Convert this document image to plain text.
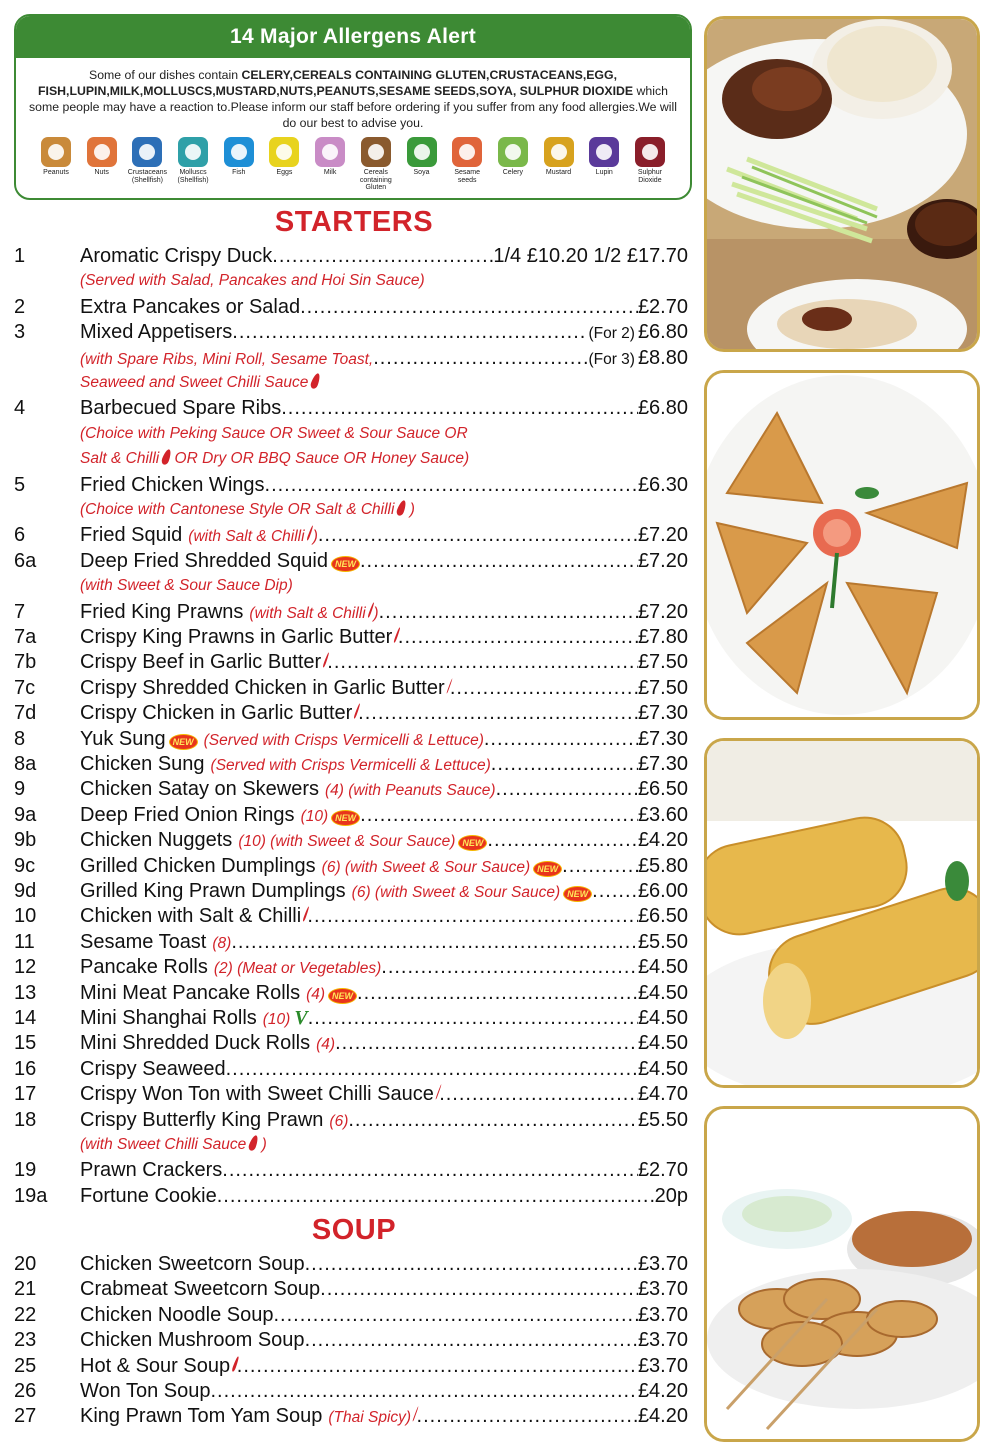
14 Major Allergens Alert
Some of our dishes contain CELERY,CEREALS CONTAINING GLUTEN,CRUSTACEANS,EGG, FISH,LUPIN,MILK,MOLLUSCS,MUSTARD,NUTS,PEANUTS,SESAME SEEDS,SOYA, SULPHUR DIOXIDE which some people may have a reaction to.Please inform our staff before ordering if you suffer from any food allergies.We will do our best to advise you.
Peanuts	Nuts	Crustaceans (Shellfish)
Molluscs (Shellfish)
Fish	Eggs	Milk	Cereals containing Gluten
Soya	Sesame seeds
Celery	Mustard	Lupin	Sulphur Dioxide
STARTERS
1	Aromatic Crispy Duck .....	1/4 £10.20 1/2 £17.70
(Served with Salad, Pancakes and Hoi Sin Sauce)
2	Extra Pancakes or Salad .....	£2.70
3	Mixed Appetisers .....	(For 2) £6.80
(with Spare Ribs, Mini Roll, Sesame Toast, .....	(For 3) £8.80
Seaweed and Sweet Chilli Sauce
4	Barbecued Spare Ribs .....	£6.80
(Choice with Peking Sauce OR Sweet & Sour Sauce OR
Salt & Chilli OR Dry OR BBQ Sauce OR Honey Sauce)
5	Fried Chicken Wings .....	£6.30
(Choice with Cantonese Style OR Salt & Chilli )
6	Fried Squid (with Salt & Chilli ) .....	£7.20
6a	Deep Fried Shredded Squid NEW .....	£7.20
(with Sweet & Sour Sauce Dip)
7	Fried King Prawns (with Salt & Chilli ) .....	£7.20
7a	Crispy King Prawns in Garlic Butter .....	£7.80
7b	Crispy Beef in Garlic Butter .....	£7.50
7c	Crispy Shredded Chicken in Garlic Butter .....	£7.50
7d	Crispy Chicken in Garlic Butter .....	£7.30
8	Yuk Sung NEW (Served with Crisps Vermicelli & Lettuce) .....	£7.30
8a	Chicken Sung (Served with Crisps Vermicelli & Lettuce) .....	£7.30
9	Chicken Satay on Skewers (4) (with Peanuts Sauce) .....	£6.50
9a	Deep Fried Onion Rings (10) NEW .....	£3.60
9b	Chicken Nuggets (10) (with Sweet & Sour Sauce) NEW .....	£4.20
9c	Grilled Chicken Dumplings (6) (with Sweet & Sour Sauce) NEW .....	£5.80
9d	Grilled King Prawn Dumplings (6) (with Sweet & Sour Sauce) NEW ..... £6.00
10	Chicken with Salt & Chilli .....	£6.50
11	Sesame Toast (8) .....	£5.50
12	Pancake Rolls (2) (Meat or Vegetables) .....	£4.50
13	Mini Meat Pancake Rolls (4) NEW .....	£4.50
14	Mini Shanghai Rolls (10) V .....	£4.50
15	Mini Shredded Duck Rolls (4) .....	£4.50
16	Crispy Seaweed .....	£4.50
17	Crispy Won Ton with Sweet Chilli Sauce .....	£4.70
18	Crispy Butterfly King Prawn (6) .....	£5.50
(with Sweet Chilli Sauce )
19	Prawn Crackers .....	£2.70
19a	Fortune Cookie .....	20p
SOUP
20	Chicken Sweetcorn Soup .....	£3.70
21	Crabmeat Sweetcorn Soup .....	£3.70
22	Chicken Noodle Soup .....	£3.70
23	Chicken Mushroom Soup .....	£3.70
25	Hot & Sour Soup .....	£3.70
26	Won Ton Soup .....	£4.20
27	King Prawn Tom Yam Soup (Thai Spicy) .....	£4.20
